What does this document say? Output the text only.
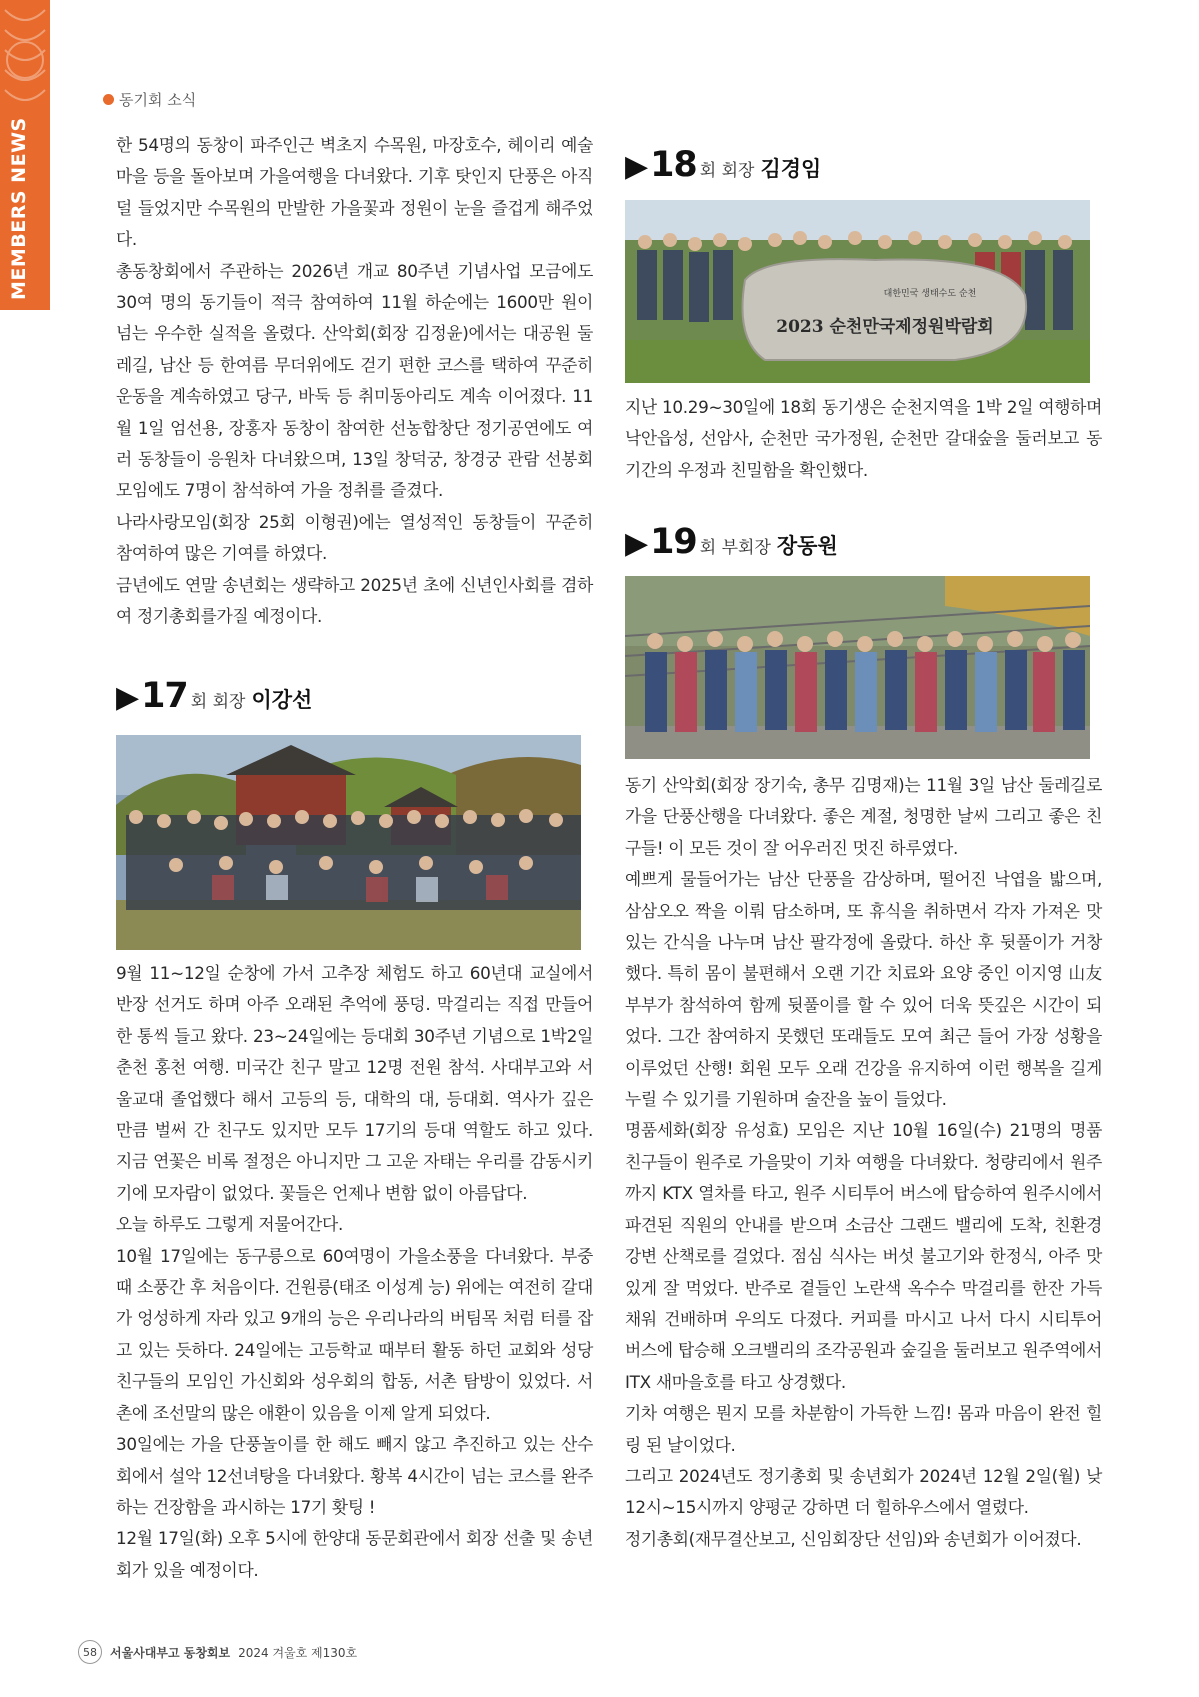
MEMBERS NEWS
동기회 소식

한 54명의 동창이 파주인근 벽초지 수목원, 마장호수, 헤이리 예술마을 등을 돌아보며 가을여행을 다녀왔다. 기후 탓인지 단풍은 아직 덜 들었지만 수목원의 만발한 가을꽃과 정원이 눈을 즐겁게 해주었다.

총동창회에서 주관하는 2026년 개교 80주년 기념사업 모금에도 30여 명의 동기들이 적극 참여하여 11월 하순에는 1600만 원이 넘는 우수한 실적을 올렸다. 산악회(회장 김정윤)에서는 대공원 둘레길, 남산 등 한여름 무더위에도 걷기 편한 코스를 택하여 꾸준히 운동을 계속하였고 당구, 바둑 등 취미동아리도 계속 이어졌다. 11월 1일 엄선용, 장홍자 동창이 참여한 선농합창단 정기공연에도 여러 동창들이 응원차 다녀왔으며, 13일 창덕궁, 창경궁 관람 선봉회 모임에도 7명이 참석하여 가을 정취를 즐겼다.

나라사랑모임(회장 25회 이형권)에는 열성적인 동창들이 꾸준히 참여하여 많은 기여를 하였다.

금년에도 연말 송년회는 생략하고 2025년 초에 신년인사회를 겸하여 정기총회를가질 예정이다.

▶ 17 회 회장 이강선

9월 11~12일 순창에 가서 고추장 체험도 하고 60년대 교실에서 반장 선거도 하며 아주 오래된 추억에 풍덩. 막걸리는 직접 만들어 한 통씩 들고 왔다. 23~24일에는 등대회 30주년 기념으로 1박2일 춘천 홍천 여행. 미국간 친구 말고 12명 전원 참석. 사대부고와 서울교대 졸업했다 해서 고등의 등, 대학의 대, 등대회. 역사가 깊은 만큼 벌써 간 친구도 있지만 모두 17기의 등대 역할도 하고 있다. 지금 연꽃은 비록 절정은 아니지만 그 고운 자태는 우리를 감동시키기에 모자람이 없었다. 꽃들은 언제나 변함 없이 아름답다.

오늘 하루도 그렇게 저물어간다.

10월 17일에는 동구릉으로 60여명이 가을소풍을 다녀왔다. 부중 때 소풍간 후 처음이다. 건원릉(태조 이성계 능) 위에는 여전히 갈대가 엉성하게 자라 있고 9개의 능은 우리나라의 버팀목 처럼 터를 잡고 있는 듯하다. 24일에는 고등학교 때부터 활동 하던 교회와 성당 친구들의 모임인 가신회와 성우회의 합동, 서촌 탐방이 있었다. 서촌에 조선말의 많은 애환이 있음을 이제 알게 되었다.

30일에는 가을 단풍놀이를 한 해도 빼지 않고 추진하고 있는 산수회에서 설악 12선녀탕을 다녀왔다. 황복 4시간이 넘는 코스를 완주하는 건장함을 과시하는 17기 홧팅 !

12월 17일(화) 오후 5시에 한양대 동문회관에서 회장 선출 및 송년회가 있을 예정이다.

▶ 18 회 회장 김경임
대한민국 생태수도 순천
2023 순천만국제정원박람회

지난 10.29~30일에 18회 동기생은 순천지역을 1박 2일 여행하며 낙안읍성, 선암사, 순천만 국가정원, 순천만 갈대숲을 둘러보고 동기간의 우정과 친밀함을 확인했다.

▶ 19 회 부회장 장동원

동기 산악회(회장 장기숙, 총무 김명재)는 11월 3일 남산 둘레길로 가을 단풍산행을 다녀왔다. 좋은 계절, 청명한 날씨 그리고 좋은 친구들! 이 모든 것이 잘 어우러진 멋진 하루였다.

예쁘게 물들어가는 남산 단풍을 감상하며, 떨어진 낙엽을 밟으며, 삼삼오오 짝을 이뤄 담소하며, 또 휴식을 취하면서 각자 가져온 맛있는 간식을 나누며 남산 팔각정에 올랐다. 하산 후 뒷풀이가 거창했다. 특히 몸이 불편해서 오랜 기간 치료와 요양 중인 이지영 山友 부부가 참석하여 함께 뒷풀이를 할 수 있어 더욱 뜻깊은 시간이 되었다. 그간 참여하지 못했던 또래들도 모여 최근 들어 가장 성황을 이루었던 산행! 회원 모두 오래 건강을 유지하여 이런 행복을 길게 누릴 수 있기를 기원하며 술잔을 높이 들었다.

명품세화(회장 유성효) 모임은 지난 10월 16일(수) 21명의 명품 친구들이 원주로 가을맞이 기차 여행을 다녀왔다. 청량리에서 원주까지 KTX 열차를 타고, 원주 시티투어 버스에 탑승하여 원주시에서 파견된 직원의 안내를 받으며 소금산 그랜드 밸리에 도착, 친환경 강변 산책로를 걸었다. 점심 식사는 버섯 불고기와 한정식, 아주 맛있게 잘 먹었다. 반주로 곁들인 노란색 옥수수 막걸리를 한잔 가득 채워 건배하며 우의도 다졌다. 커피를 마시고 나서 다시 시티투어 버스에 탑승해 오크밸리의 조각공원과 숲길을 둘러보고 원주역에서 ITX 새마을호를 타고 상경했다.

기차 여행은 뭔지 모를 차분함이 가득한 느낌! 몸과 마음이 완전 힐링 된 날이었다.

그리고 2024년도 정기총회 및 송년회가 2024년 12월 2일(월) 낮 12시~15시까지 양평군 강하면 더 힐하우스에서 열렸다.

정기총회(재무결산보고, 신임회장단 선임)와 송년회가 이어졌다.

58	서울사대부고 동창회보 2024 겨울호 제130호
